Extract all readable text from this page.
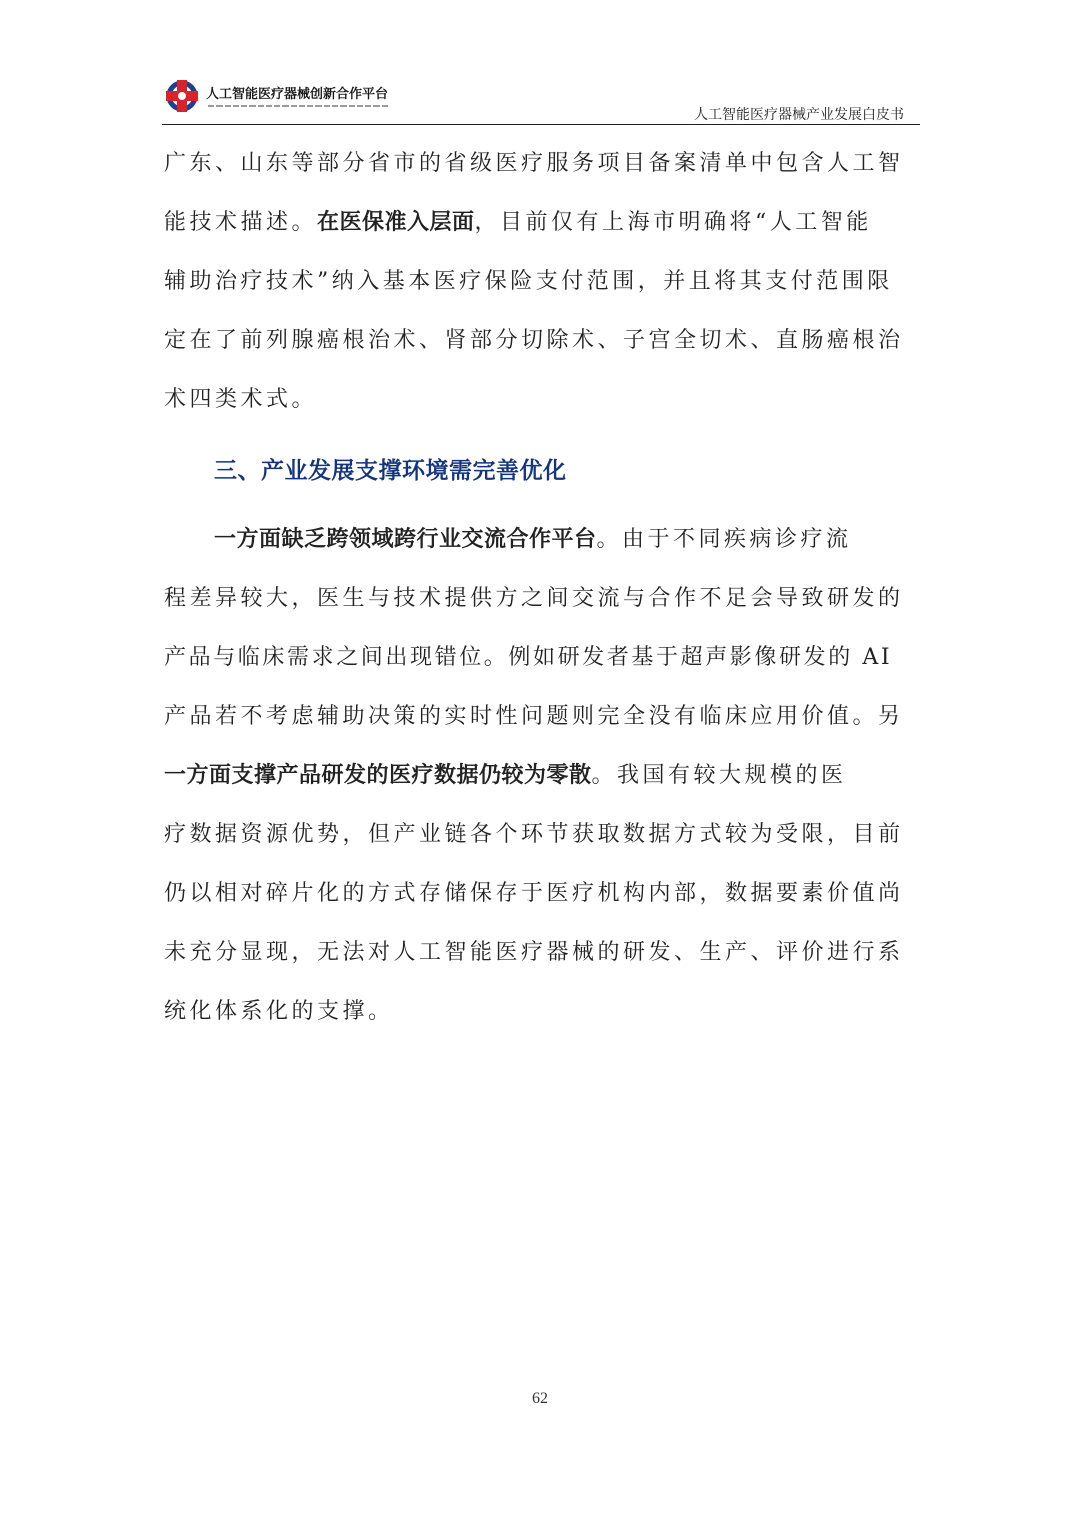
人工智能医疗器械创新合作平台
人工智能医疗器械产业发展白皮书
广东、山东等部分省市的省级医疗服务项目备案清单中包含人工智
能技术描述。在医保准入层面，目前仅有上海市明确将“人工智能
辅助治疗技术”纳入基本医疗保险支付范围，并且将其支付范围限
定在了前列腺癌根治术、肾部分切除术、子宫全切术、直肠癌根治
术四类术式。
三、产业发展支撑环境需完善优化
一方面缺乏跨领域跨行业交流合作平台。由于不同疾病诊疗流
程差异较大，医生与技术提供方之间交流与合作不足会导致研发的
产品与临床需求之间出现错位。例如研发者基于超声影像研发的 AI
产品若不考虑辅助决策的实时性问题则完全没有临床应用价值。另
一方面支撑产品研发的医疗数据仍较为零散。我国有较大规模的医
疗数据资源优势，但产业链各个环节获取数据方式较为受限，目前
仍以相对碎片化的方式存储保存于医疗机构内部，数据要素价值尚
未充分显现，无法对人工智能医疗器械的研发、生产、评价进行系
统化体系化的支撑。
62
